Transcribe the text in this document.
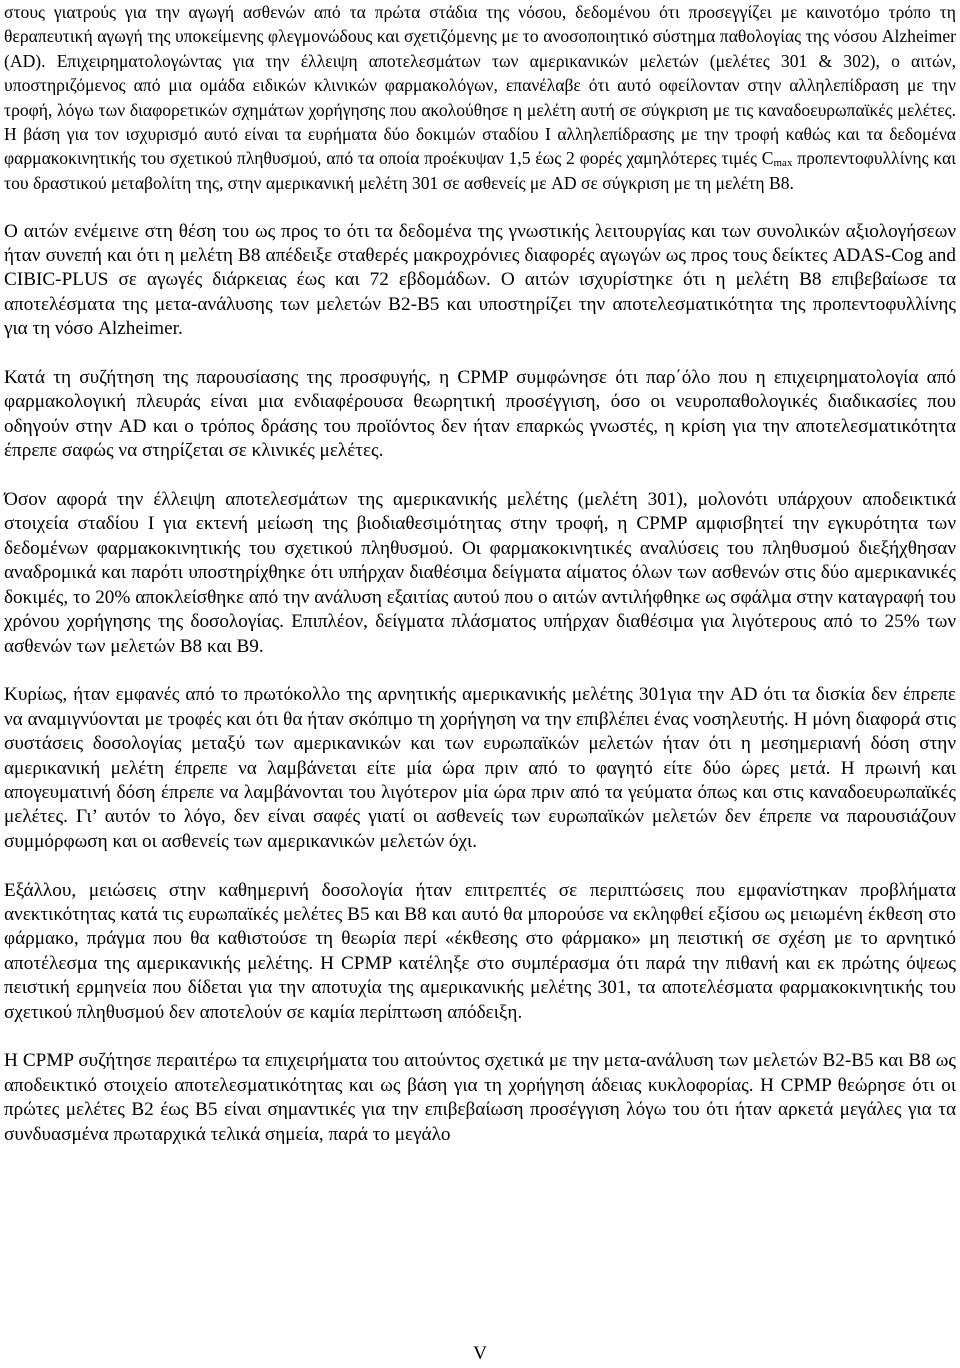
στους γιατρούς για την αγωγή ασθενών από τα πρώτα στάδια της νόσου, δεδομένου ότι προσεγγίζει με καινοτόμο τρόπο τη θεραπευτική αγωγή της υποκείμενης φλεγμονώδους και σχετιζόμενης με το ανοσοποιητικό σύστημα παθολογίας της νόσου Alzheimer (AD). Επιχειρηματολογώντας για την έλλειψη αποτελεσμάτων των αμερικανικών μελετών (μελέτες 301 & 302), ο αιτών, υποστηριζόμενος από μια ομάδα ειδικών κλινικών φαρμακολόγων, επανέλαβε ότι αυτό οφείλονταν στην αλληλεπίδραση με την τροφή, λόγω των διαφορετικών σχημάτων χορήγησης που ακολούθησε η μελέτη αυτή σε σύγκριση με τις καναδοευρωπαϊκές μελέτες. Η βάση για τον ισχυρισμό αυτό είναι τα ευρήματα δύο δοκιμών σταδίου Ι αλληλεπίδρασης με την τροφή καθώς και τα δεδομένα φαρμακοκινητικής του σχετικού πληθυσμού, από τα οποία προέκυψαν 1,5 έως 2 φορές χαμηλότερες τιμές $C_{max}$ προπεντοφυλλίνης και του δραστικού μεταβολίτη της, στην αμερικανική μελέτη 301 σε ασθενείς με AD σε σύγκριση με τη μελέτη B8.

Ο αιτών ενέμεινε στη θέση του ως προς το ότι τα δεδομένα της γνωστικής λειτουργίας και των συνολικών αξιολογήσεων ήταν συνεπή και ότι η μελέτη B8 απέδειξε σταθερές μακροχρόνιες διαφορές αγωγών ως προς τους δείκτες ADAS-Cog and CIBIC-PLUS σε αγωγές διάρκειας έως και 72 εβδομάδων. Ο αιτών ισχυρίστηκε ότι η μελέτη B8 επιβεβαίωσε τα αποτελέσματα της μετα-ανάλυσης των μελετών B2-B5 και υποστηρίζει την αποτελεσματικότητα της προπεντοφυλλίνης για τη νόσο Alzheimer.

Κατά τη συζήτηση της παρουσίασης της προσφυγής, η CPMP συμφώνησε ότι παρ΄όλο που η επιχειρηματολογία από φαρμακολογική πλευράς είναι μια ενδιαφέρουσα θεωρητική προσέγγιση, όσο οι νευροπαθολογικές διαδικασίες που οδηγούν στην AD και ο τρόπος δράσης του προϊόντος δεν ήταν επαρκώς γνωστές, η κρίση για την αποτελεσματικότητα έπρεπε σαφώς να στηρίζεται σε κλινικές μελέτες.

Όσον αφορά την έλλειψη αποτελεσμάτων της αμερικανικής μελέτης (μελέτη 301), μολονότι υπάρχουν αποδεικτικά στοιχεία σταδίου Ι για εκτενή μείωση της βιοδιαθεσιμότητας στην τροφή, η CPMP αμφισβητεί την εγκυρότητα των δεδομένων φαρμακοκινητικής του σχετικού πληθυσμού. Οι φαρμακοκινητικές αναλύσεις του πληθυσμού διεξήχθησαν αναδρομικά και παρότι υποστηρίχθηκε ότι υπήρχαν διαθέσιμα δείγματα αίματος όλων των ασθενών στις δύο αμερικανικές δοκιμές, το 20% αποκλείσθηκε από την ανάλυση εξαιτίας αυτού που ο αιτών αντιλήφθηκε ως σφάλμα στην καταγραφή του χρόνου χορήγησης της δοσολογίας. Επιπλέον, δείγματα πλάσματος υπήρχαν διαθέσιμα για λιγότερους από το 25% των ασθενών των μελετών B8 και B9.

Κυρίως, ήταν εμφανές από το πρωτόκολλο της αρνητικής αμερικανικής μελέτης 301για την AD ότι τα δισκία δεν έπρεπε να αναμιγνύονται με τροφές και ότι θα ήταν σκόπιμο τη χορήγηση να την επιβλέπει ένας νοσηλευτής. Η μόνη διαφορά στις συστάσεις δοσολογίας μεταξύ των αμερικανικών και των ευρωπαϊκών μελετών ήταν ότι η μεσημεριανή δόση στην αμερικανική μελέτη έπρεπε να λαμβάνεται είτε μία ώρα πριν από το φαγητό είτε δύο ώρες μετά. Η πρωινή και απογευματινή δόση έπρεπε να λαμβάνονται του λιγότερον μία ώρα πριν από τα γεύματα όπως και στις καναδοευρωπαϊκές μελέτες. Γι’ αυτόν το λόγο, δεν είναι σαφές γιατί οι ασθενείς των ευρωπαϊκών μελετών δεν έπρεπε να παρουσιάζουν συμμόρφωση και οι ασθενείς των αμερικανικών μελετών όχι.

Εξάλλου, μειώσεις στην καθημερινή δοσολογία ήταν επιτρεπτές σε περιπτώσεις που εμφανίστηκαν προβλήματα ανεκτικότητας κατά τις ευρωπαϊκές μελέτες B5 και B8 και αυτό θα μπορούσε να εκληφθεί εξίσου ως μειωμένη έκθεση στο φάρμακο, πράγμα που θα καθιστούσε τη θεωρία περί «έκθεσης στο φάρμακο» μη πειστική σε σχέση με το αρνητικό αποτέλεσμα της αμερικανικής μελέτης. Η CPMP κατέληξε στο συμπέρασμα ότι παρά την πιθανή και εκ πρώτης όψεως πειστική ερμηνεία που δίδεται για την αποτυχία της αμερικανικής μελέτης 301, τα αποτελέσματα φαρμακοκινητικής του σχετικού πληθυσμού δεν αποτελούν σε καμία περίπτωση απόδειξη.

Η CPMP συζήτησε περαιτέρω τα επιχειρήματα του αιτούντος σχετικά με την μετα-ανάλυση των μελετών B2-B5 και B8 ως αποδεικτικό στοιχείο αποτελεσματικότητας και ως βάση για τη χορήγηση άδειας κυκλοφορίας. Η CPMP θεώρησε ότι οι πρώτες μελέτες B2 έως B5 είναι σημαντικές για την επιβεβαίωση προσέγγιση λόγω του ότι ήταν αρκετά μεγάλες για τα συνδυασμένα πρωταρχικά τελικά σημεία, παρά το μεγάλο

V
